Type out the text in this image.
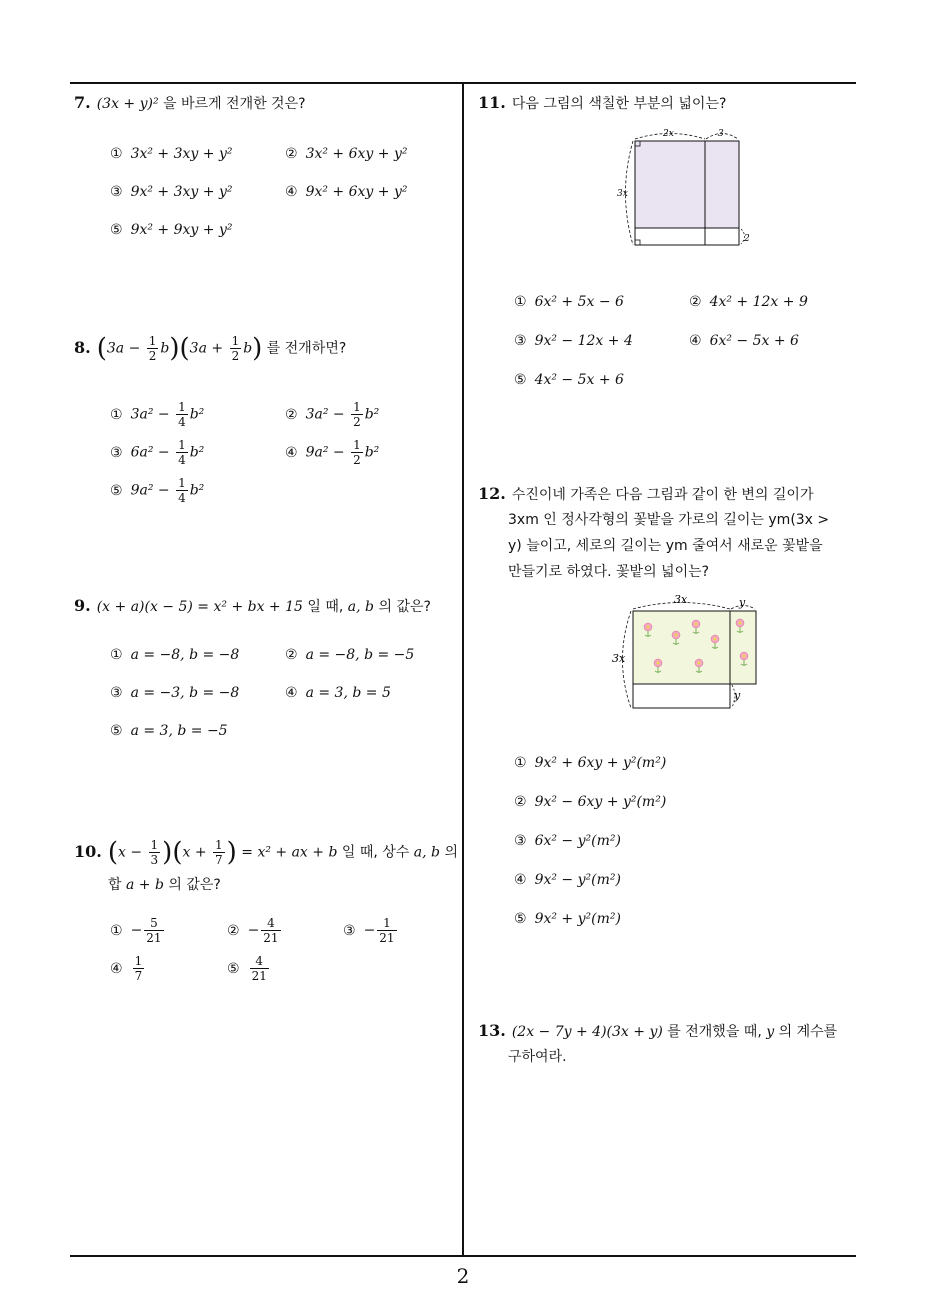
2
7. (3x + y)² 을 바르게 전개한 것은?
① 3x² + 3xy + y²	② 3x² + 6xy + y²
③ 9x² + 3xy + y²	④ 9x² + 6xy + y²
⑤ 9x² + 9xy + y²
8. $(3a - \frac{1}{2} b)(3a + \frac{1}{2} b)$ 를 전개하면?
① $3a^2 - \frac{1}{4} b^2$	② $3a^2 - \frac{1}{2} b^2$
③ $6a^2 - \frac{1}{4} b^2$	④ $9a^2 - \frac{1}{2} b^2$
⑤ $9a^2 - \frac{1}{4} b^2$
9. (x + a)(x − 5) = x² + bx + 15 일 때, a, b 의 값은?
① a = −8, b = −8	② a = −8, b = −5
③ a = −3, b = −8	④ a = 3, b = 5
⑤ a = 3, b = −5
10. $(x - \frac{1}{3} )(x + \frac{1}{7}$ ) = x² + ax + b 일 때, 상수 a, b 의
합 a + b 의 값은?
① − $\frac{5}{21}$	② − $\frac{4}{21}$	③ − $\frac{1}{21}$
④ $\frac{1}{7}$	⑤ $\frac{4}{21}$
11. 다음 그림의 색칠한 부분의 넓이는?
2x	3
3x
2
① 6x² + 5x − 6	② 4x² + 12x + 9
③ 9x² − 12x + 4	④ 6x² − 5x + 6
⑤ 4x² − 5x + 6
12. 수진이네 가족은 다음 그림과 같이 한 변의 길이가
3xm 인 정사각형의 꽃밭을 가로의 길이는 ym(3x >
y) 늘이고, 세로의 길이는 ym 줄여서 새로운 꽃밭을
만들기로 하였다. 꽃밭의 넓이는?
3x	y
3x
y
① 9x² + 6xy + y²(m²)
② 9x² − 6xy + y²(m²)
③ 6x² − y²(m²)
④ 9x² − y²(m²)
⑤ 9x² + y²(m²)
13. (2x − 7y + 4)(3x + y) 를 전개했을 때, y 의 계수를
구하여라.
